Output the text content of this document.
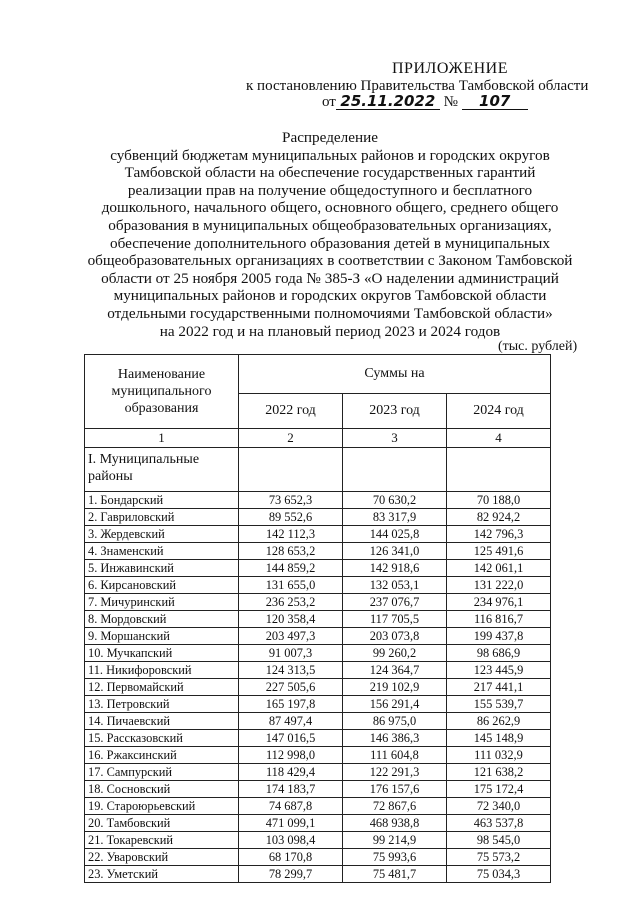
ПРИЛОЖЕНИЕ
к постановлению Правительства Тамбовской области
от 25.11.2022 № 107
Распределение
субвенций бюджетам муниципальных районов и городских округов
Тамбовской области на обеспечение государственных гарантий
реализации прав на получение общедоступного и бесплатного
дошкольного, начального общего, основного общего, среднего общего
образования в муниципальных общеобразовательных организациях,
обеспечение дополнительного образования детей в муниципальных
общеобразовательных организациях в соответствии с Законом Тамбовской
области от 25 ноября 2005 года № 385-З «О наделении администраций
муниципальных районов и городских округов Тамбовской области
отдельными государственными полномочиями Тамбовской области»
на 2022 год и на плановый период 2023 и 2024 годов
(тыс. рублей)
Наименование муниципального образования	Суммы на		
	2022 год	2023 год	2024 год
1	2	3	4
I. Муниципальные районы			
1. Бондарский	73 652,3	70 630,2	70 188,0
2. Гавриловский	89 552,6	83 317,9	82 924,2
3. Жердевский	142 112,3	144 025,8	142 796,3
4. Знаменский	128 653,2	126 341,0	125 491,6
5. Инжавинский	144 859,2	142 918,6	142 061,1
6. Кирсановский	131 655,0	132 053,1	131 222,0
7. Мичуринский	236 253,2	237 076,7	234 976,1
8. Мордовский	120 358,4	117 705,5	116 816,7
9. Моршанский	203 497,3	203 073,8	199 437,8
10. Мучкапский	91 007,3	99 260,2	98 686,9
11. Никифоровский	124 313,5	124 364,7	123 445,9
12. Первомайский	227 505,6	219 102,9	217 441,1
13. Петровский	165 197,8	156 291,4	155 539,7
14. Пичаевский	87 497,4	86 975,0	86 262,9
15. Рассказовский	147 016,5	146 386,3	145 148,9
16. Ржаксинский	112 998,0	111 604,8	111 032,9
17. Сампурский	118 429,4	122 291,3	121 638,2
18. Сосновский	174 183,7	176 157,6	175 172,4
19. Староюрьевский	74 687,8	72 867,6	72 340,0
20. Тамбовский	471 099,1	468 938,8	463 537,8
21. Токаревский	103 098,4	99 214,9	98 545,0
22. Уваровский	68 170,8	75 993,6	75 573,2
23. Уметский	78 299,7	75 481,7	75 034,3
